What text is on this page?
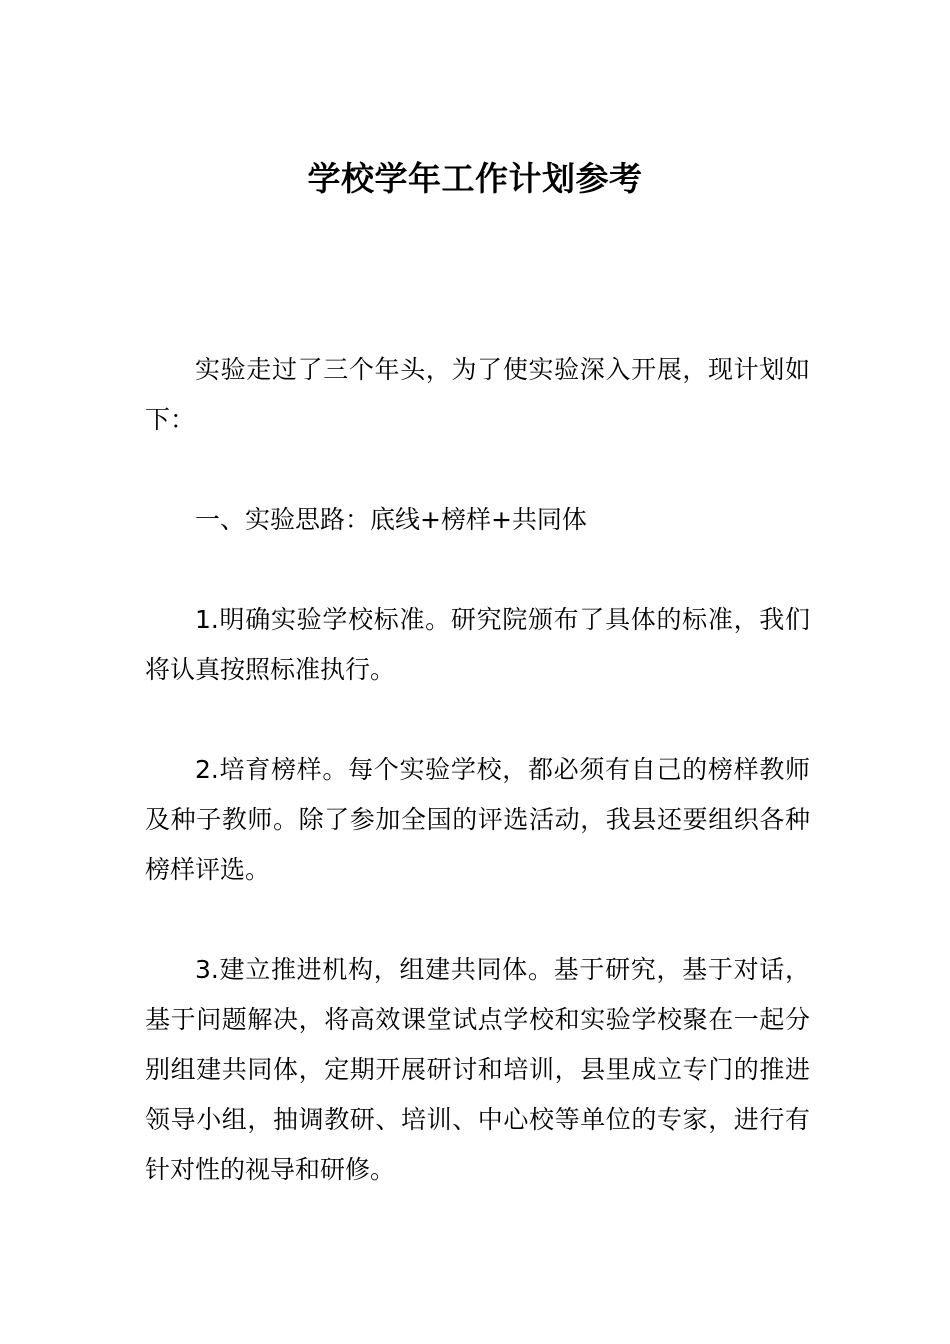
学校学年工作计划参考

实验走过了三个年头，为了使实验深入开展，现计划如下：

一、实验思路：底线+榜样+共同体

1.明确实验学校标准。研究院颁布了具体的标准，我们将认真按照标准执行。

2.培育榜样。每个实验学校，都必须有自己的榜样教师及种子教师。除了参加全国的评选活动，我县还要组织各种榜样评选。

3.建立推进机构，组建共同体。基于研究，基于对话，基于问题解决，将高效课堂试点学校和实验学校聚在一起分别组建共同体，定期开展研讨和培训，县里成立专门的推进领导小组，抽调教研、培训、中心校等单位的专家，进行有针对性的视导和研修。
